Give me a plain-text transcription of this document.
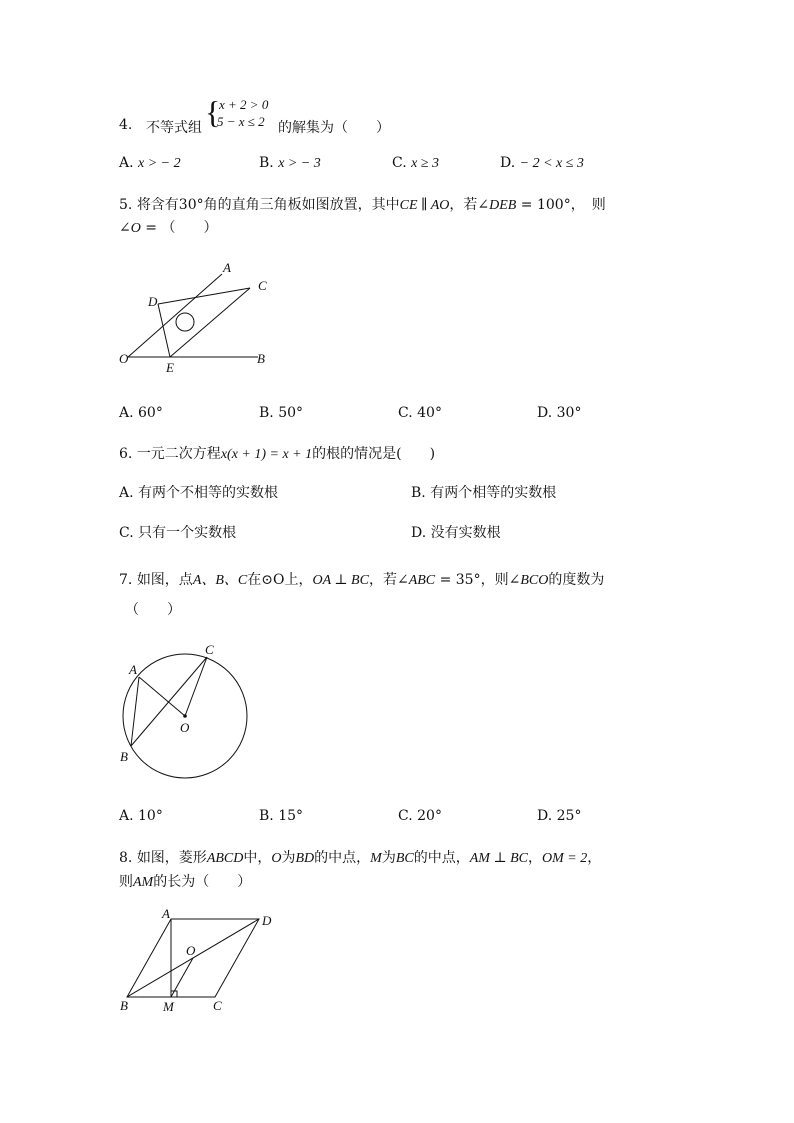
4. 不等式组 {
x + 2 > 0
5 − x ≤ 2 的解集为（　　）
A. x > − 2	B. x > − 3	C. x ≥ 3	D. − 2 < x ≤ 3
5. 将含有30°角的直角三角板如图放置，其中CE ∥ AO，若∠DEB = 100°，　则
∠O = （　　）
A
C
D
O
E
B
A. 60°	B. 50°	C. 40°	D. 30°
6. 一元二次方程x(x + 1) = x + 1的根的情况是(　　)
A. 有两个不相等的实数根	B. 有两个相等的实数根
C. 只有一个实数根	D. 没有实数根
7. 如图，点A、B、C在⊙O上，OA ⊥ BC，若∠ABC = 35°，则∠BCO的度数为
（　　）
A
C
O
B
A. 10°	B. 15°	C. 20°	D. 25°
8. 如图，菱形ABCD中，O为BD的中点，M为BC的中点，AM ⊥ BC，OM = 2，
则AM的长为（　　）
A	D
O
B	M	C
